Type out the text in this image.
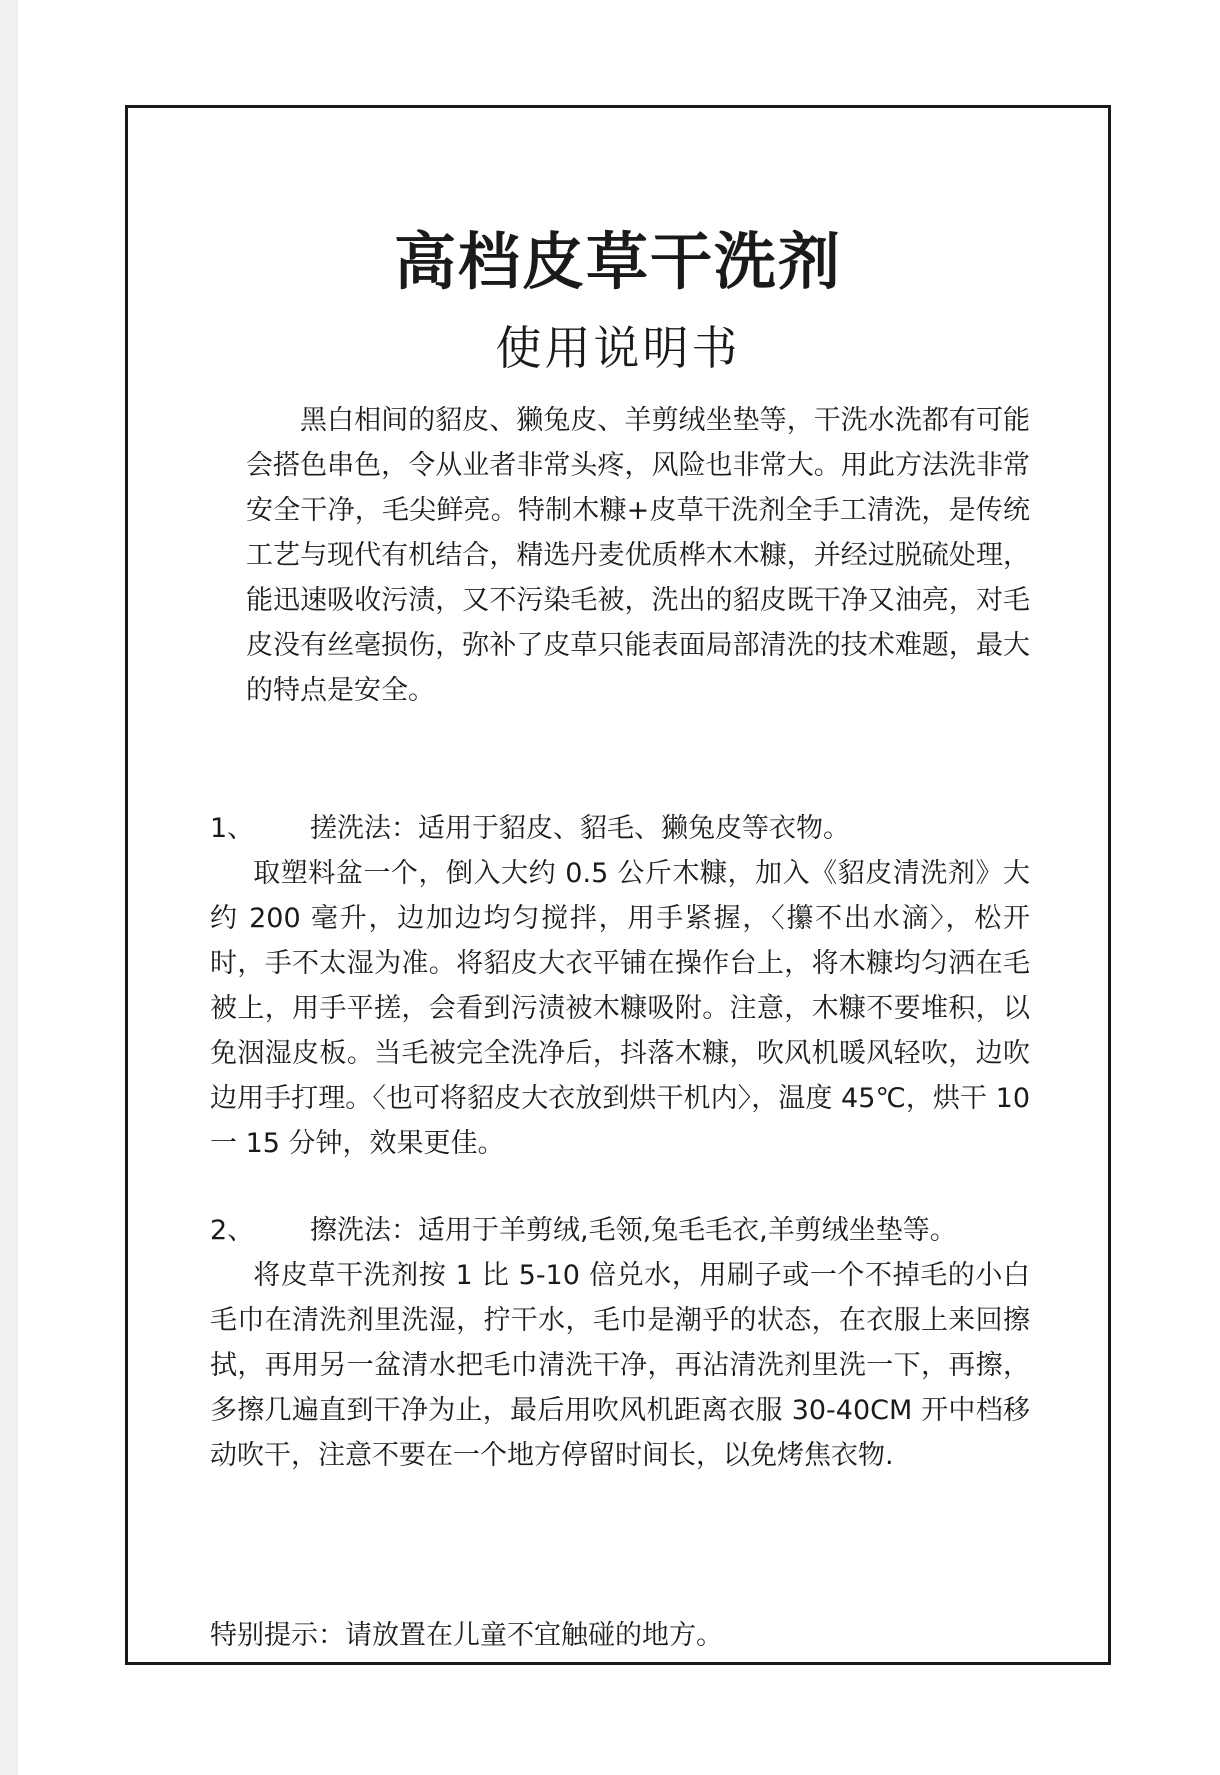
高档皮草干洗剂
使用说明书

黑白相间的貂皮、獭兔皮、羊剪绒坐垫等，干洗水洗都有可能会搭色串色，令从业者非常头疼，风险也非常大。用此方法洗非常安全干净，毛尖鲜亮。特制木糠+皮草干洗剂全手工清洗，是传统工艺与现代有机结合，精选丹麦优质桦木木糠，并经过脱硫处理，能迅速吸收污渍，又不污染毛被，洗出的貂皮既干净又油亮，对毛皮没有丝毫损伤，弥补了皮草只能表面局部清洗的技术难题，最大的特点是安全。

1、	搓洗法 ：适用于貂皮、貂毛、獭兔皮等衣物。

取塑料盆一个，倒入大约 0.5 公斤木糠，加入《貂皮清洗剂》大约 200 毫升，边加边均匀搅拌，用手紧握，〈攥不出水滴〉，松开时，手不太湿为准。将貂皮大衣平铺在操作台上，将木糠均匀洒在毛被上，用手平搓，会看到污渍被木糠吸附。注意，木糠不要堆积，以免洇湿皮板。当毛被完全洗净后，抖落木糠，吹风机暖风轻吹，边吹边用手打理。〈也可将貂皮大衣放到烘干机内〉，温度 45℃，烘干 10 一 15 分钟，效果更佳。

2、	擦洗法 ：适用于羊剪绒,毛领,兔毛毛衣,羊剪绒坐垫等。

将皮草干洗剂按 1 比 5-10 倍兑水，用刷子或一个不掉毛的小白毛巾在清洗剂里洗湿，拧干水，毛巾是潮乎的状态，在衣服上来回擦拭，再用另一盆清水把毛巾清洗干净，再沾清洗剂里洗一下，再擦，多擦几遍直到干净为止，最后用吹风机距离衣服 30-40CM 开中档移动吹干，注意不要在一个地方停留时间长，以免烤焦衣物.

特别提示：请放置在儿童不宜触碰的地方。
